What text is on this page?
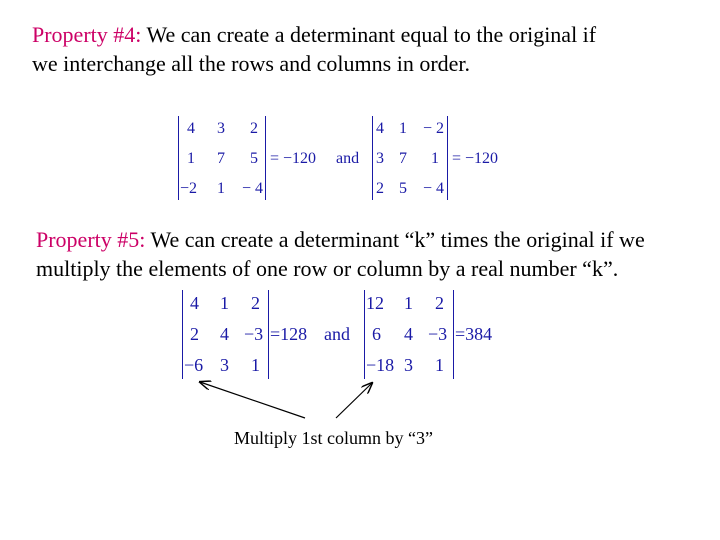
Property #4: We can create a determinant equal to the original if
we interchange all the rows and columns in order.
4 3 2
1 7 5
−2 1 − 4
= −120 and
4 1 − 2
3 7 1
2 5 − 4
= −120
Property #5: We can create a determinant “k” times the original if we
multiply the elements of one row or column by a real number “k”.
4 1 2
2 4 −3
−6 3 1
=128 and
12 1 2
6 4 −3
−18 3 1
=384
Multiply 1st column by “3”
